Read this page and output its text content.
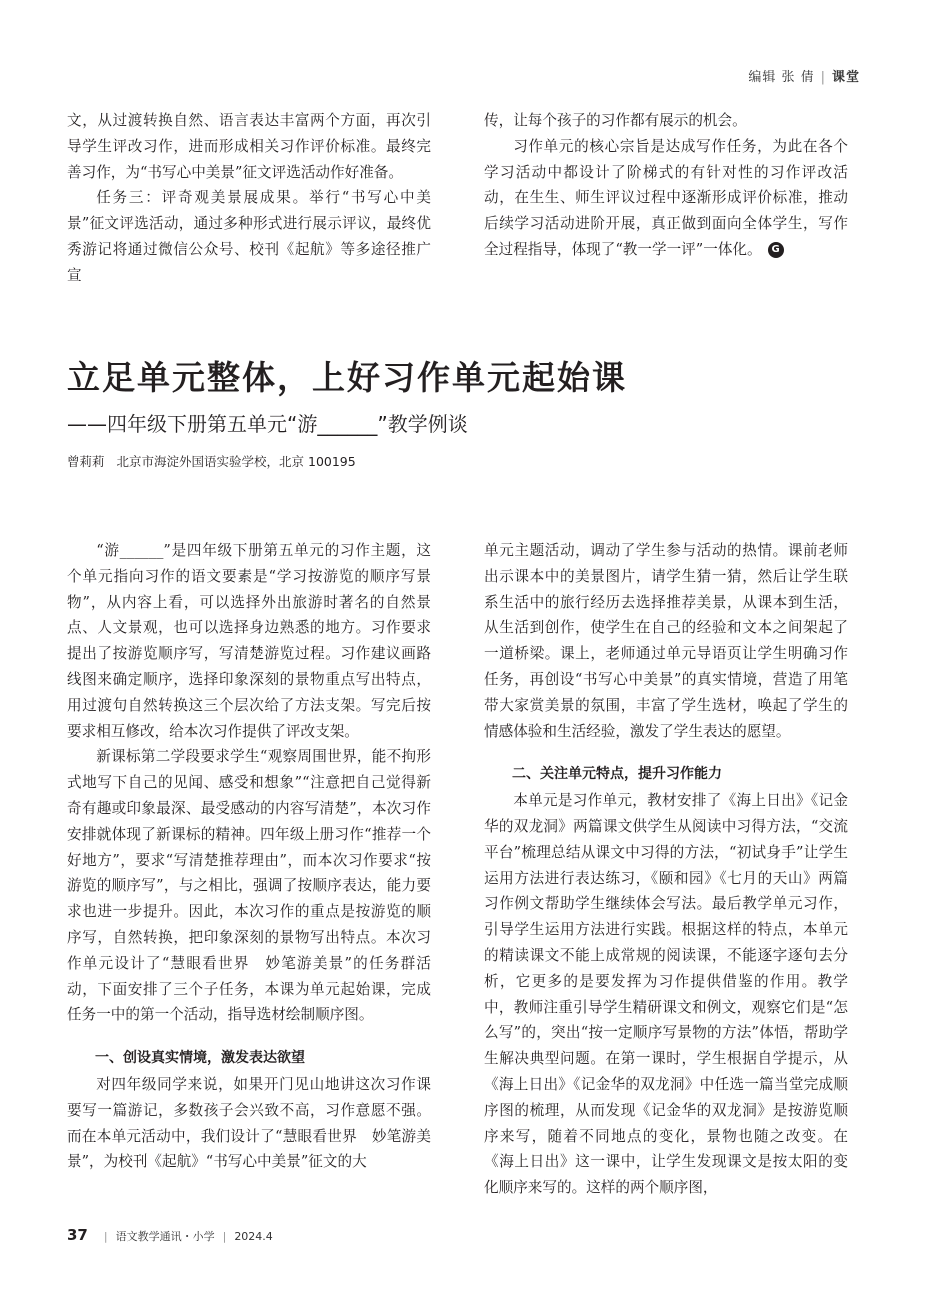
编辑 张 倩 | 课堂

文，从过渡转换自然、语言表达丰富两个方面，再次引导学生评改习作，进而形成相关习作评价标准。最终完善习作，为“书写心中美景”征文评选活动作好准备。

任务三：评奇观美景展成果。举行“书写心中美景”征文评选活动，通过多种形式进行展示评议，最终优秀游记将通过微信公众号、校刊《起航》等多途径推广宣

传，让每个孩子的习作都有展示的机会。

习作单元的核心宗旨是达成写作任务，为此在各个学习活动中都设计了阶梯式的有针对性的习作评改活动，在生生、师生评议过程中逐渐形成评价标准，推动后续学习活动进阶开展，真正做到面向全体学生，写作全过程指导，体现了“教一学一评”一体化。 G

立足单元整体，上好习作单元起始课
——四年级下册第五单元“游______”教学例谈
曾莉莉 北京市海淀外国语实验学校，北京 100195

“游______”是四年级下册第五单元的习作主题，这个单元指向习作的语文要素是“学习按游览的顺序写景物”，从内容上看，可以选择外出旅游时著名的自然景点、人文景观，也可以选择身边熟悉的地方。习作要求提出了按游览顺序写，写清楚游览过程。习作建议画路线图来确定顺序，选择印象深刻的景物重点写出特点，用过渡句自然转换这三个层次给了方法支架。写完后按要求相互修改，给本次习作提供了评改支架。

新课标第二学段要求学生“观察周围世界，能不拘形式地写下自己的见闻、感受和想象”“注意把自己觉得新奇有趣或印象最深、最受感动的内容写清楚”，本次习作安排就体现了新课标的精神。四年级上册习作“推荐一个好地方”，要求“写清楚推荐理由”，而本次习作要求“按游览的顺序写”，与之相比，强调了按顺序表达，能力要求也进一步提升。因此，本次习作的重点是按游览的顺序写，自然转换，把印象深刻的景物写出特点。本次习作单元设计了“慧眼看世界　妙笔游美景”的任务群活动，下面安排了三个子任务，本课为单元起始课，完成任务一中的第一个活动，指导选材绘制顺序图。

一、创设真实情境，激发表达欲望

对四年级同学来说，如果开门见山地讲这次习作课要写一篇游记，多数孩子会兴致不高，习作意愿不强。而在本单元活动中，我们设计了“慧眼看世界　妙笔游美景”，为校刊《起航》“书写心中美景”征文的大

单元主题活动，调动了学生参与活动的热情。课前老师出示课本中的美景图片，请学生猜一猜，然后让学生联系生活中的旅行经历去选择推荐美景，从课本到生活，从生活到创作，使学生在自己的经验和文本之间架起了一道桥梁。课上，老师通过单元导语页让学生明确习作任务，再创设“书写心中美景”的真实情境，营造了用笔带大家赏美景的氛围，丰富了学生选材，唤起了学生的情感体验和生活经验，激发了学生表达的愿望。

二、关注单元特点，提升习作能力

本单元是习作单元，教材安排了《海上日出》《记金华的双龙洞》两篇课文供学生从阅读中习得方法，“交流平台”梳理总结从课文中习得的方法，“初试身手”让学生运用方法进行表达练习，《颐和园》《七月的天山》两篇习作例文帮助学生继续体会写法。最后教学单元习作，引导学生运用方法进行实践。根据这样的特点，本单元的精读课文不能上成常规的阅读课，不能逐字逐句去分析，它更多的是要发挥为习作提供借鉴的作用。教学中，教师注重引导学生精研课文和例文，观察它们是“怎么写”的，突出“按一定顺序写景物的方法”体悟，帮助学生解决典型问题。在第一课时，学生根据自学提示，从《海上日出》《记金华的双龙洞》中任选一篇当堂完成顺序图的梳理，从而发现《记金华的双龙洞》是按游览顺序来写，随着不同地点的变化，景物也随之改变。在《海上日出》这一课中，让学生发现课文是按太阳的变化顺序来写的。这样的两个顺序图，

37 | 语文教学通讯・小学 | 2024.4
